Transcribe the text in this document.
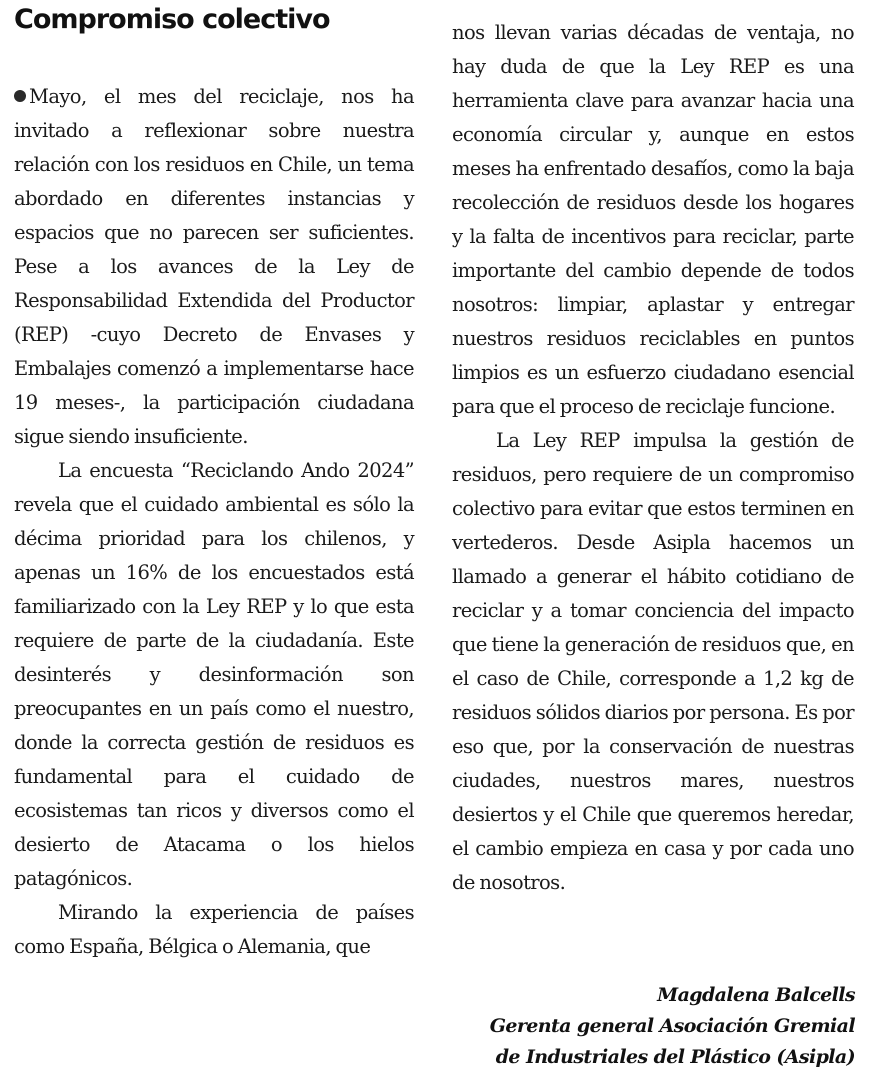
Compromiso colectivo

Mayo, el mes del reciclaje, nos ha invitado a reflexionar sobre nuestra relación con los residuos en Chile, un tema abordado en diferentes instancias y espacios que no parecen ser suficientes. Pese a los avances de la Ley de Responsabilidad Extendida del Productor (REP) -cuyo Decreto de Envases y Embalajes comenzó a implementarse hace 19 meses-, la participación ciudadana sigue siendo insuficiente.

La encuesta “Reciclando Ando 2024” revela que el cuidado ambiental es sólo la décima prioridad para los chilenos, y apenas un 16% de los encuestados está familiarizado con la Ley REP y lo que esta requiere de parte de la ciudadanía. Este desinterés y desinformación son preocupantes en un país como el nuestro, donde la correcta gestión de residuos es fundamental para el cuidado de ecosistemas tan ricos y diversos como el desierto de Atacama o los hielos patagónicos.

Mirando la experiencia de países como España, Bélgica o Alemania, que

nos llevan varias décadas de ventaja, no hay duda de que la Ley REP es una herramienta clave para avanzar hacia una economía circular y, aunque en estos meses ha enfrentado desafíos, como la baja recolección de residuos desde los hogares y la falta de incentivos para reciclar, parte importante del cambio depende de todos nosotros: limpiar, aplastar y entregar nuestros residuos reciclables en puntos limpios es un esfuerzo ciudadano esencial para que el proceso de reciclaje funcione.

La Ley REP impulsa la gestión de residuos, pero requiere de un compromiso colectivo para evitar que estos terminen en vertederos. Desde Asipla hacemos un llamado a generar el hábito cotidiano de reciclar y a tomar conciencia del impacto que tiene la generación de residuos que, en el caso de Chile, corresponde a 1,2 kg de residuos sólidos diarios por persona. Es por eso que, por la conservación de nuestras ciudades, nuestros mares, nuestros desiertos y el Chile que queremos heredar, el cambio empieza en casa y por cada uno de nosotros.

Magdalena Balcells
Gerenta general Asociación Gremial
de Industriales del Plástico (Asipla)
